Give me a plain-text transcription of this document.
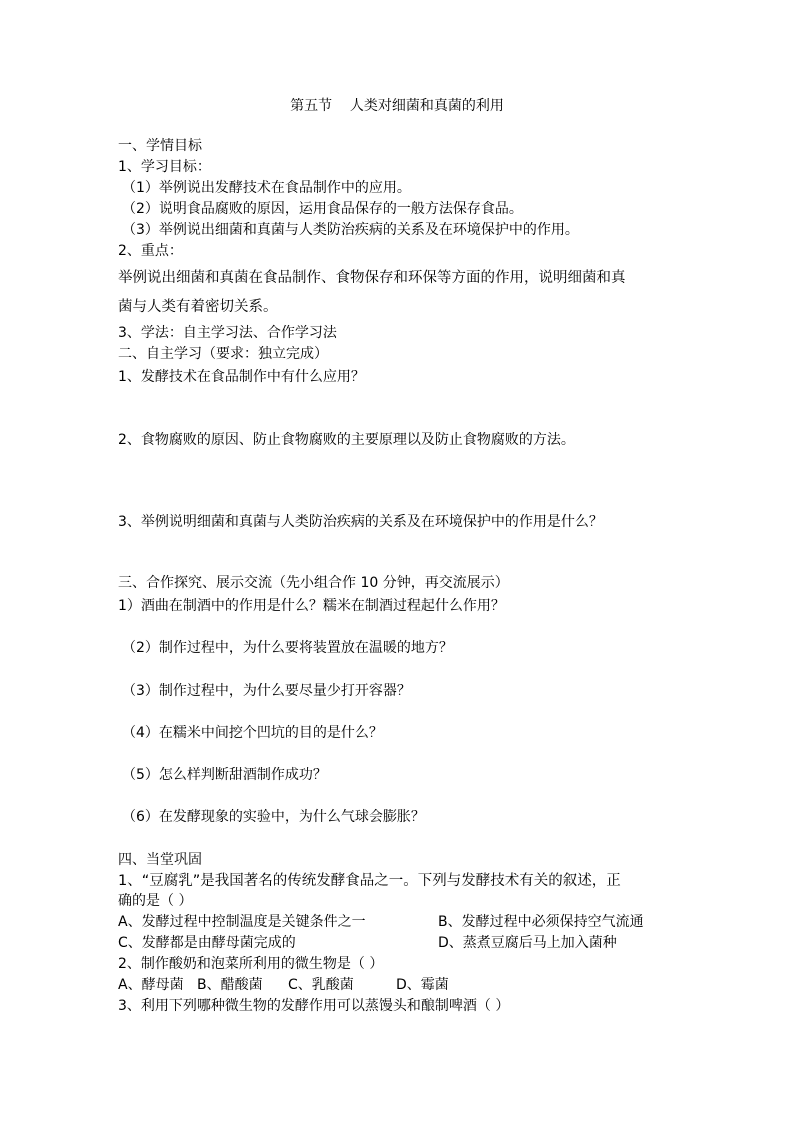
第五节    人类对细菌和真菌的利用
一、学情目标
1、学习目标：
（1）举例说出发酵技术在食品制作中的应用。
（2）说明食品腐败的原因，运用食品保存的一般方法保存食品。
（3）举例说出细菌和真菌与人类防治疾病的关系及在环境保护中的作用。
2、重点：
举例说出细菌和真菌在食品制作、食物保存和环保等方面的作用，说明细菌和真
菌与人类有着密切关系。
3、学法：自主学习法、合作学习法
二、自主学习（要求：独立完成）
1、发酵技术在食品制作中有什么应用？
2、食物腐败的原因、防止食物腐败的主要原理以及防止食物腐败的方法。
3、举例说明细菌和真菌与人类防治疾病的关系及在环境保护中的作用是什么？
三、合作探究、展示交流（先小组合作 10 分钟，再交流展示）
1）酒曲在制酒中的作用是什么？糯米在制酒过程起什么作用？
（2）制作过程中，为什么要将装置放在温暖的地方？
（3）制作过程中，为什么要尽量少打开容器？
（4）在糯米中间挖个凹坑的目的是什么？
（5）怎么样判断甜酒制作成功？
（6）在发酵现象的实验中，为什么气球会膨胀？
四、当堂巩固
1、“豆腐乳”是我国著名的传统发酵食品之一。下列与发酵技术有关的叙述，正
确的是（ ）
A、发酵过程中控制温度是关键条件之一	B、发酵过程中必须保持空气流通
C、发酵都是由酵母菌完成的	D、蒸煮豆腐后马上加入菌种
2、制作酸奶和泡菜所利用的微生物是（ ）
A、酵母菌 B、醋酸菌 C、乳酸菌	D、霉菌
3、利用下列哪种微生物的发酵作用可以蒸馒头和酿制啤酒（ ）
